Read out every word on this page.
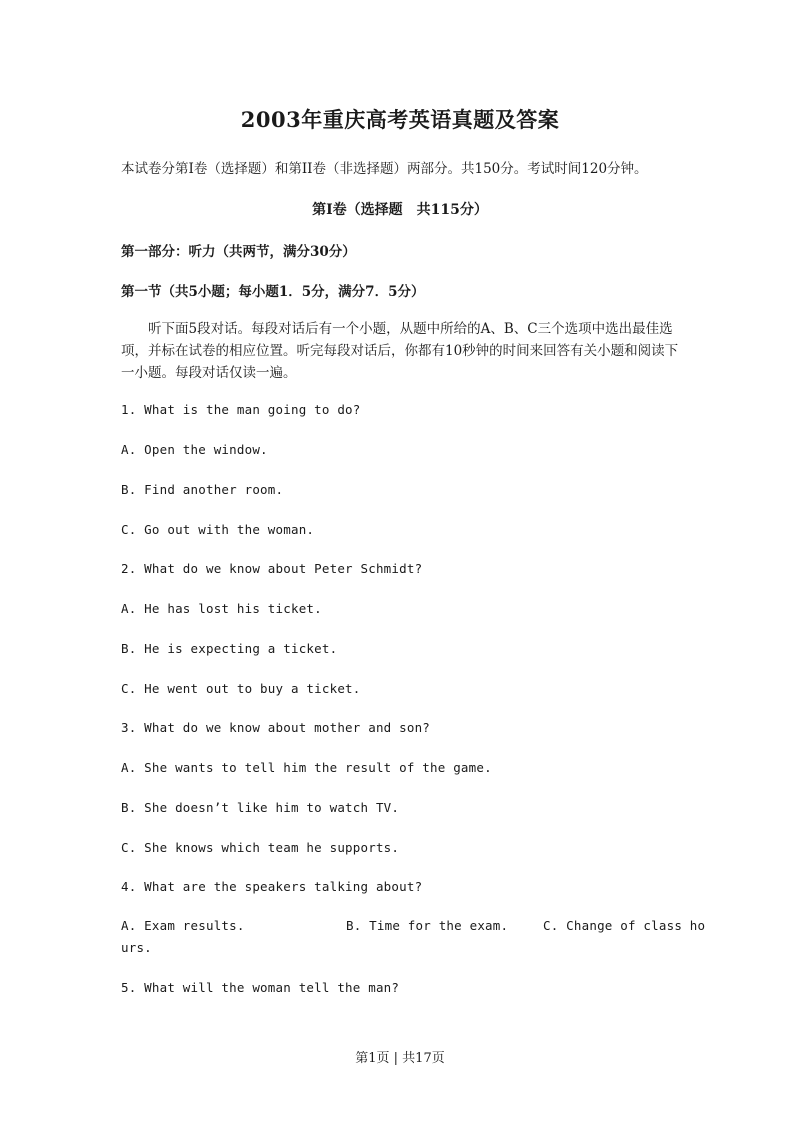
2003年重庆高考英语真题及答案
本试卷分第Ⅰ卷（选择题）和第II卷（非选择题）两部分。共150分。考试时间120分钟。
第Ⅰ卷（选择题　共115分）
第一部分：听力（共两节，满分30分）
第一节（共5小题；每小题1．5分，满分7．5分）
听下面5段对话。每段对话后有一个小题，从题中所给的A、B、C三个选项中选出最佳选项，并标在试卷的相应位置。听完每段对话后，你都有10秒钟的时间来回答有关小题和阅读下一小题。每段对话仅读一遍。
1. What is the man going to do?
A. Open the window.
B. Find another room.
C. Go out with the woman.
2. What do we know about Peter Schmidt?
A. He has lost his ticket.
B. He is expecting a ticket.
C. He went out to buy a ticket.
3. What do we know about mother and son?
A. She wants to tell him the result of the game.
B. She doesn’t like him to watch TV.
C. She knows which team he supports.
4. What are the speakers talking about?
A. Exam results.	B. Time for the exam.	C. Change of class ho
urs.
5. What will the woman tell the man?
第1页 | 共17页
